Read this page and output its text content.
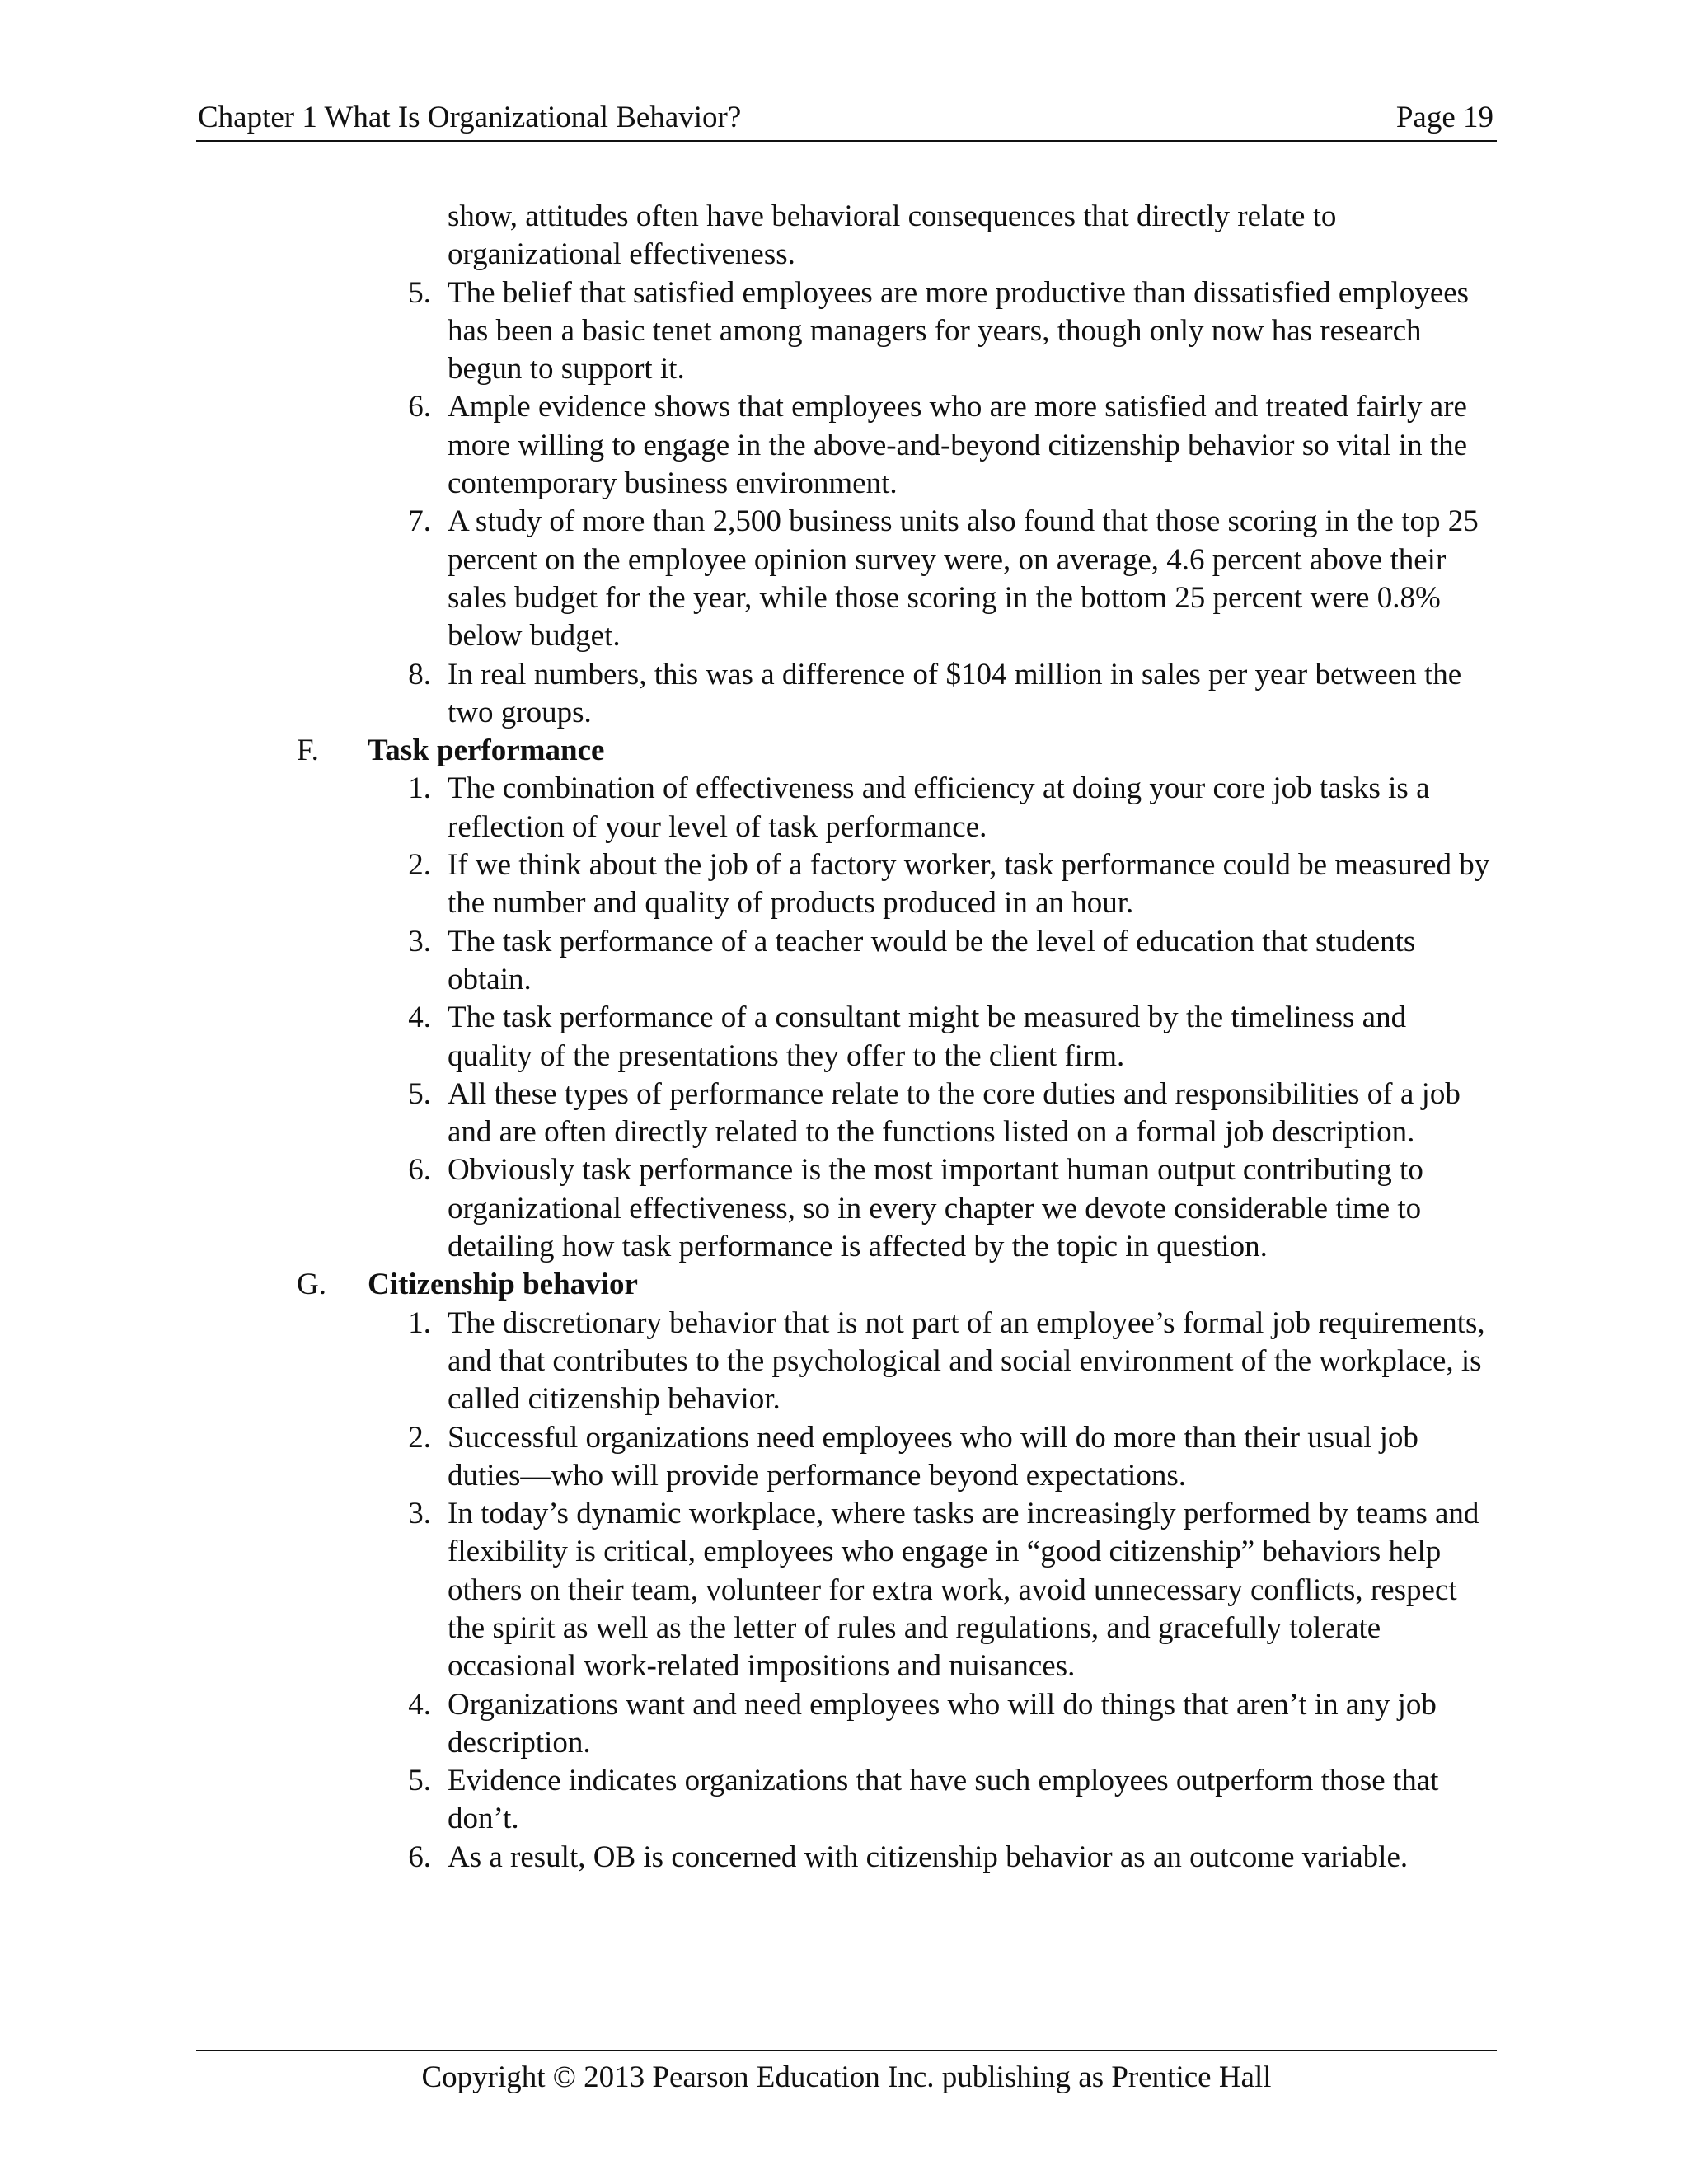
Chapter 1 What Is Organizational Behavior?	Page 19
show, attitudes often have behavioral consequences that directly relate to organizational effectiveness.
5. The belief that satisfied employees are more productive than dissatisfied employees has been a basic tenet among managers for years, though only now has research begun to support it.
6. Ample evidence shows that employees who are more satisfied and treated fairly are more willing to engage in the above-and-beyond citizenship behavior so vital in the contemporary business environment.
7. A study of more than 2,500 business units also found that those scoring in the top 25 percent on the employee opinion survey were, on average, 4.6 percent above their sales budget for the year, while those scoring in the bottom 25 percent were 0.8% below budget.
8. In real numbers, this was a difference of $104 million in sales per year between the two groups.
F. Task performance
1. The combination of effectiveness and efficiency at doing your core job tasks is a reflection of your level of task performance.
2. If we think about the job of a factory worker, task performance could be measured by the number and quality of products produced in an hour.
3. The task performance of a teacher would be the level of education that students obtain.
4. The task performance of a consultant might be measured by the timeliness and quality of the presentations they offer to the client firm.
5. All these types of performance relate to the core duties and responsibilities of a job and are often directly related to the functions listed on a formal job description.
6. Obviously task performance is the most important human output contributing to organizational effectiveness, so in every chapter we devote considerable time to detailing how task performance is affected by the topic in question.
G. Citizenship behavior
1. The discretionary behavior that is not part of an employee’s formal job requirements, and that contributes to the psychological and social environment of the workplace, is called citizenship behavior.
2. Successful organizations need employees who will do more than their usual job duties—who will provide performance beyond expectations.
3. In today’s dynamic workplace, where tasks are increasingly performed by teams and flexibility is critical, employees who engage in “good citizenship” behaviors help others on their team, volunteer for extra work, avoid unnecessary conflicts, respect the spirit as well as the letter of rules and regulations, and gracefully tolerate occasional work-related impositions and nuisances.
4. Organizations want and need employees who will do things that aren’t in any job description.
5. Evidence indicates organizations that have such employees outperform those that don’t.
6. As a result, OB is concerned with citizenship behavior as an outcome variable.
Copyright © 2013 Pearson Education Inc. publishing as Prentice Hall
